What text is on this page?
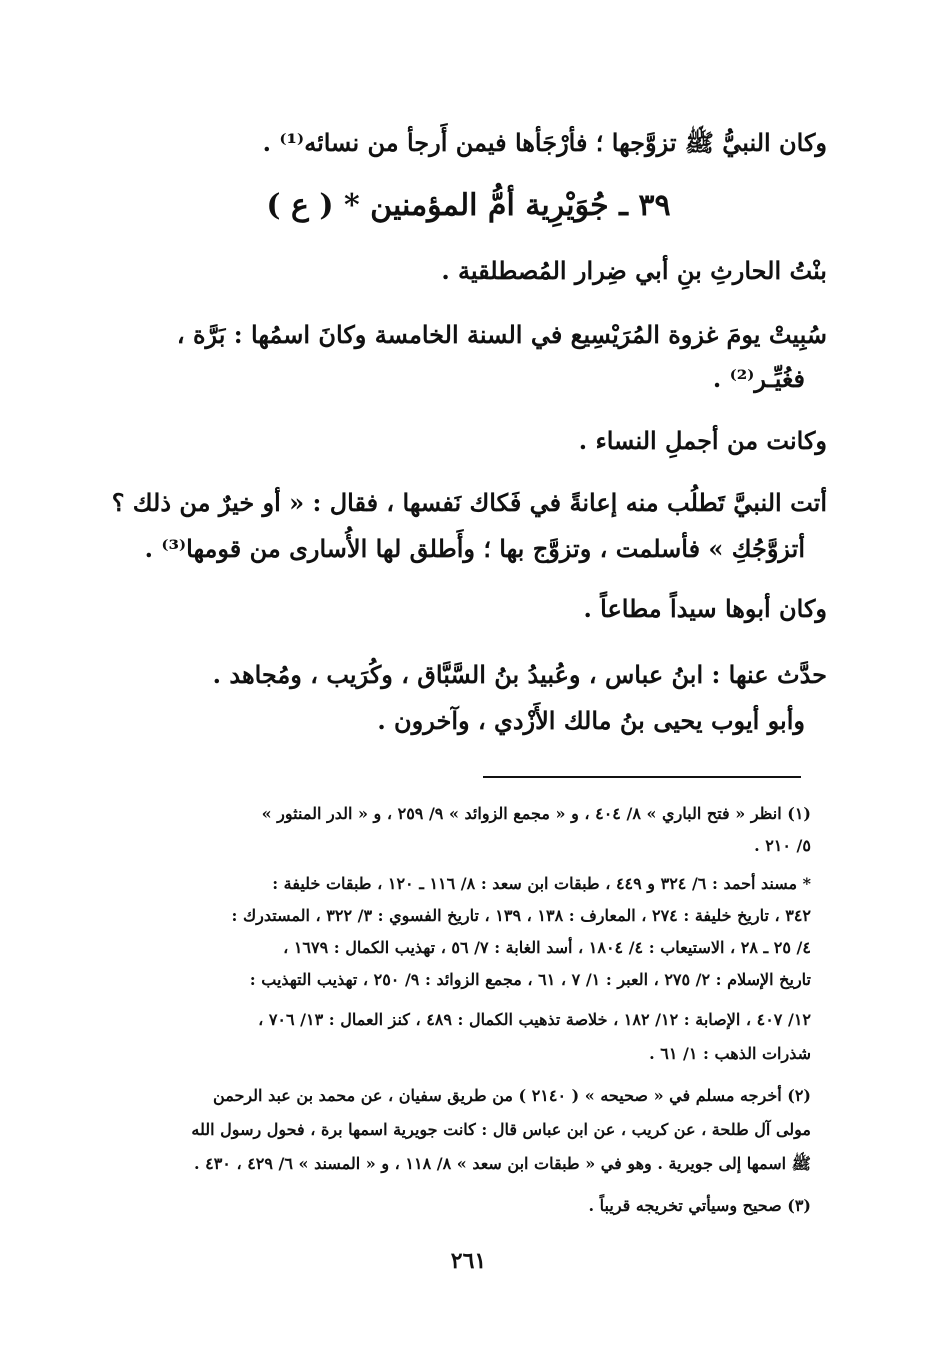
وكان النبيُّ ﷺ تزوَّجها ؛ فأرْجَأها فيمن أَرجأ من نسائه⁽¹⁾ .
٣٩ ـ جُوَيْرِية أمُّ المؤمنين * ( ع )
بنْتُ الحارثِ بنِ أبي ضِرار المُصطلقية .
سُبِيتْ يومَ غزوة المُرَيْسِيع في السنة الخامسة وكانَ اسمُها : بَرَّة ،
فغُيِّـر⁽²⁾ .
وكانت من أجملِ النساء .
أتت النبيَّ تَطلُب منه إعانةً في فَكاك نَفسها ، فقال : « أو خيرٌ من ذلك ؟
أتزوَّجُكِ » فأسلمت ، وتزوَّج بها ؛ وأَطلق لها الأُسارى من قومها⁽³⁾ .
وكان أبوها سيداً مطاعاً .
حدَّث عنها : ابنُ عباس ، وعُبيدُ بنُ السَّبَّاق ، وكُرَيب ، ومُجاهد .
وأبو أيوب يحيى بنُ مالك الأَزْدي ، وآخرون .
(١) انظر « فتح الباري » ٨/ ٤٠٤ ، و « مجمع الزوائد » ٩/ ٢٥٩ ، و « الدر المنثور »
٥/ ٢١٠ .
* مسند أحمد : ٦/ ٣٢٤ و ٤٤٩ ، طبقات ابن سعد : ٨/ ١١٦ ـ ١٢٠ ، طبقات خليفة :
٣٤٢ ، تاريخ خليفة : ٢٧٤ ، المعارف : ١٣٨ ، ١٣٩ ، تاريخ الفسوي : ٣/ ٣٢٢ ، المستدرك :
٤/ ٢٥ ـ ٢٨ ، الاستيعاب : ٤/ ١٨٠٤ ، أسد الغابة : ٧/ ٥٦ ، تهذيب الكمال : ١٦٧٩ ،
تاريخ الإسلام : ٢/ ٢٧٥ ، العبر : ١/ ٧ ، ٦١ ، مجمع الزوائد : ٩/ ٢٥٠ ، تهذيب التهذيب :
١٢/ ٤٠٧ ، الإصابة : ١٢/ ١٨٢ ، خلاصة تذهيب الكمال : ٤٨٩ ، كنز العمال : ١٣/ ٧٠٦ ،
شذرات الذهب : ١/ ٦١ .
(٢) أخرجه مسلم في « صحيحه » ( ٢١٤٠ ) من طريق سفيان ، عن محمد بن عبد الرحمن
مولى آل طلحة ، عن كريب ، عن ابن عباس قال : كانت جويرية اسمها برة ، فحول رسول الله
ﷺ اسمها إلى جويرية . وهو في « طبقات ابن سعد » ٨/ ١١٨ ، و « المسند » ٦/ ٤٢٩ ، ٤٣٠ .
(٣) صحيح وسيأتي تخريجه قريباً .
٢٦١
